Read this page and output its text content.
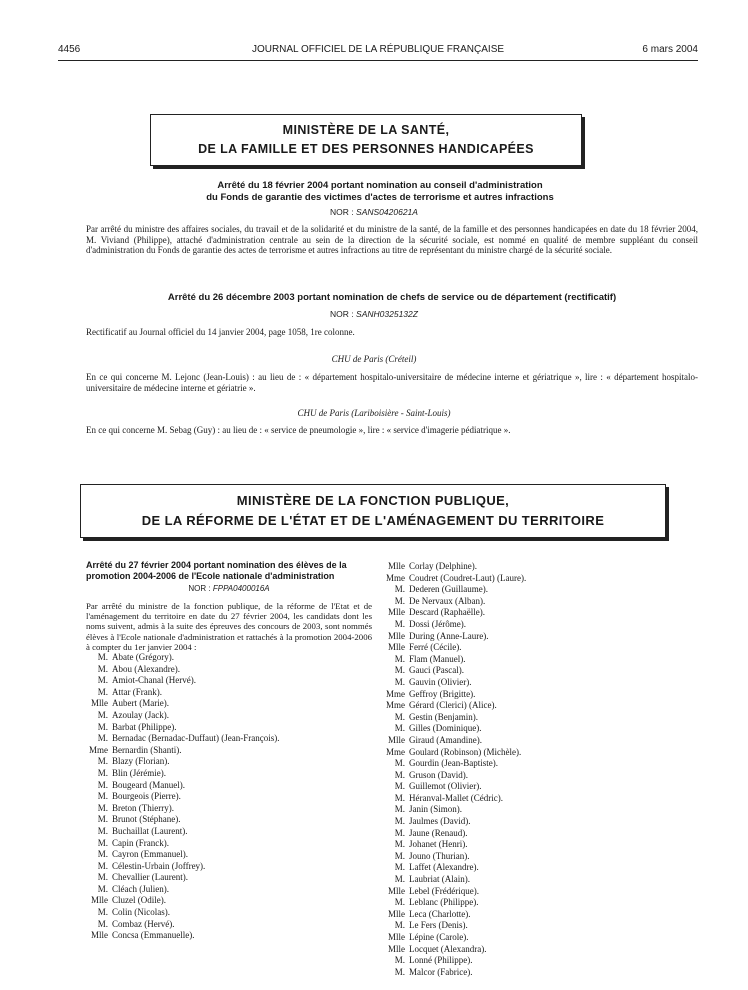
4456	JOURNAL OFFICIEL DE LA RÉPUBLIQUE FRANÇAISE	6 mars 2004
MINISTÈRE DE LA SANTÉ,
DE LA FAMILLE ET DES PERSONNES HANDICAPÉES
Arrêté du 18 février 2004 portant nomination au conseil d'administration
du Fonds de garantie des victimes d'actes de terrorisme et autres infractions
NOR : SANS0420621A
Par arrêté du ministre des affaires sociales, du travail et de la solidarité et du ministre de la santé, de la famille et des personnes handicapées en date du 18 février 2004, M. Viviand (Philippe), attaché d'administration centrale au sein de la direction de la sécurité sociale, est nommé en qualité de membre suppléant du conseil d'administration du Fonds de garantie des actes de terrorisme et autres infractions au titre de représentant du ministre chargé de la sécurité sociale.
Arrêté du 26 décembre 2003 portant nomination de chefs de service ou de département (rectificatif)
NOR : SANH0325132Z
Rectificatif au Journal officiel du 14 janvier 2004, page 1058, 1re colonne.
CHU de Paris (Créteil)
En ce qui concerne M. Lejonc (Jean-Louis) : au lieu de : « département hospitalo-universitaire de médecine interne et gériatrique », lire : « département hospitalo-universitaire de médecine interne et gériatrie ».
CHU de Paris (Lariboisière - Saint-Louis)
En ce qui concerne M. Sebag (Guy) : au lieu de : « service de pneumologie », lire : « service d'imagerie pédiatrique ».
MINISTÈRE DE LA FONCTION PUBLIQUE,
DE LA RÉFORME DE L'ÉTAT ET DE L'AMÉNAGEMENT DU TERRITOIRE
Arrêté du 27 février 2004 portant nomination des élèves de la promotion 2004-2006 de l'Ecole nationale d'administration
NOR : FPPA0400016A
Par arrêté du ministre de la fonction publique, de la réforme de l'Etat et de l'aménagement du territoire en date du 27 février 2004, les candidats dont les noms suivent, admis à la suite des épreuves des concours de 2003, sont nommés élèves à l'Ecole nationale d'administration et rattachés à la promotion 2004-2006 à compter du 1er janvier 2004 :
M. Abate (Grégory).
M. Abou (Alexandre).
M. Amiot-Chanal (Hervé).
M. Attar (Frank).
Mlle Aubert (Marie).
M. Azoulay (Jack).
M. Barbat (Philippe).
M. Bernadac (Bernadac-Duffaut) (Jean-François).
Mme Bernardin (Shanti).
M. Blazy (Florian).
M. Blin (Jérémie).
M. Bougeard (Manuel).
M. Bourgeois (Pierre).
M. Breton (Thierry).
M. Brunot (Stéphane).
M. Buchaillat (Laurent).
M. Capin (Franck).
M. Cayron (Emmanuel).
M. Célestin-Urbain (Joffrey).
M. Chevallier (Laurent).
M. Cléach (Julien).
Mlle Cluzel (Odile).
M. Colin (Nicolas).
M. Combaz (Hervé).
Mlle Concsa (Emmanuelle).
Mlle Corlay (Delphine).
Mme Coudret (Coudret-Laut) (Laure).
M. Dederen (Guillaume).
M. De Nervaux (Alban).
Mlle Descard (Raphaëlle).
M. Dossi (Jérôme).
Mlle During (Anne-Laure).
Mlle Ferré (Cécile).
M. Flam (Manuel).
M. Gauci (Pascal).
M. Gauvin (Olivier).
Mme Geffroy (Brigitte).
Mme Gérard (Clerici) (Alice).
M. Gestin (Benjamin).
M. Gilles (Dominique).
Mlle Giraud (Amandine).
Mme Goulard (Robinson) (Michèle).
M. Gourdin (Jean-Baptiste).
M. Gruson (David).
M. Guillemot (Olivier).
M. Héranval-Mallet (Cédric).
M. Janin (Simon).
M. Jaulmes (David).
M. Jaune (Renaud).
M. Johanet (Henri).
M. Jouno (Thurian).
M. Laffet (Alexandre).
M. Laubriat (Alain).
Mlle Lebel (Frédérique).
M. Leblanc (Philippe).
Mlle Leca (Charlotte).
M. Le Fers (Denis).
Mlle Lépine (Carole).
Mlle Locquet (Alexandra).
M. Lonné (Philippe).
M. Malcor (Fabrice).
